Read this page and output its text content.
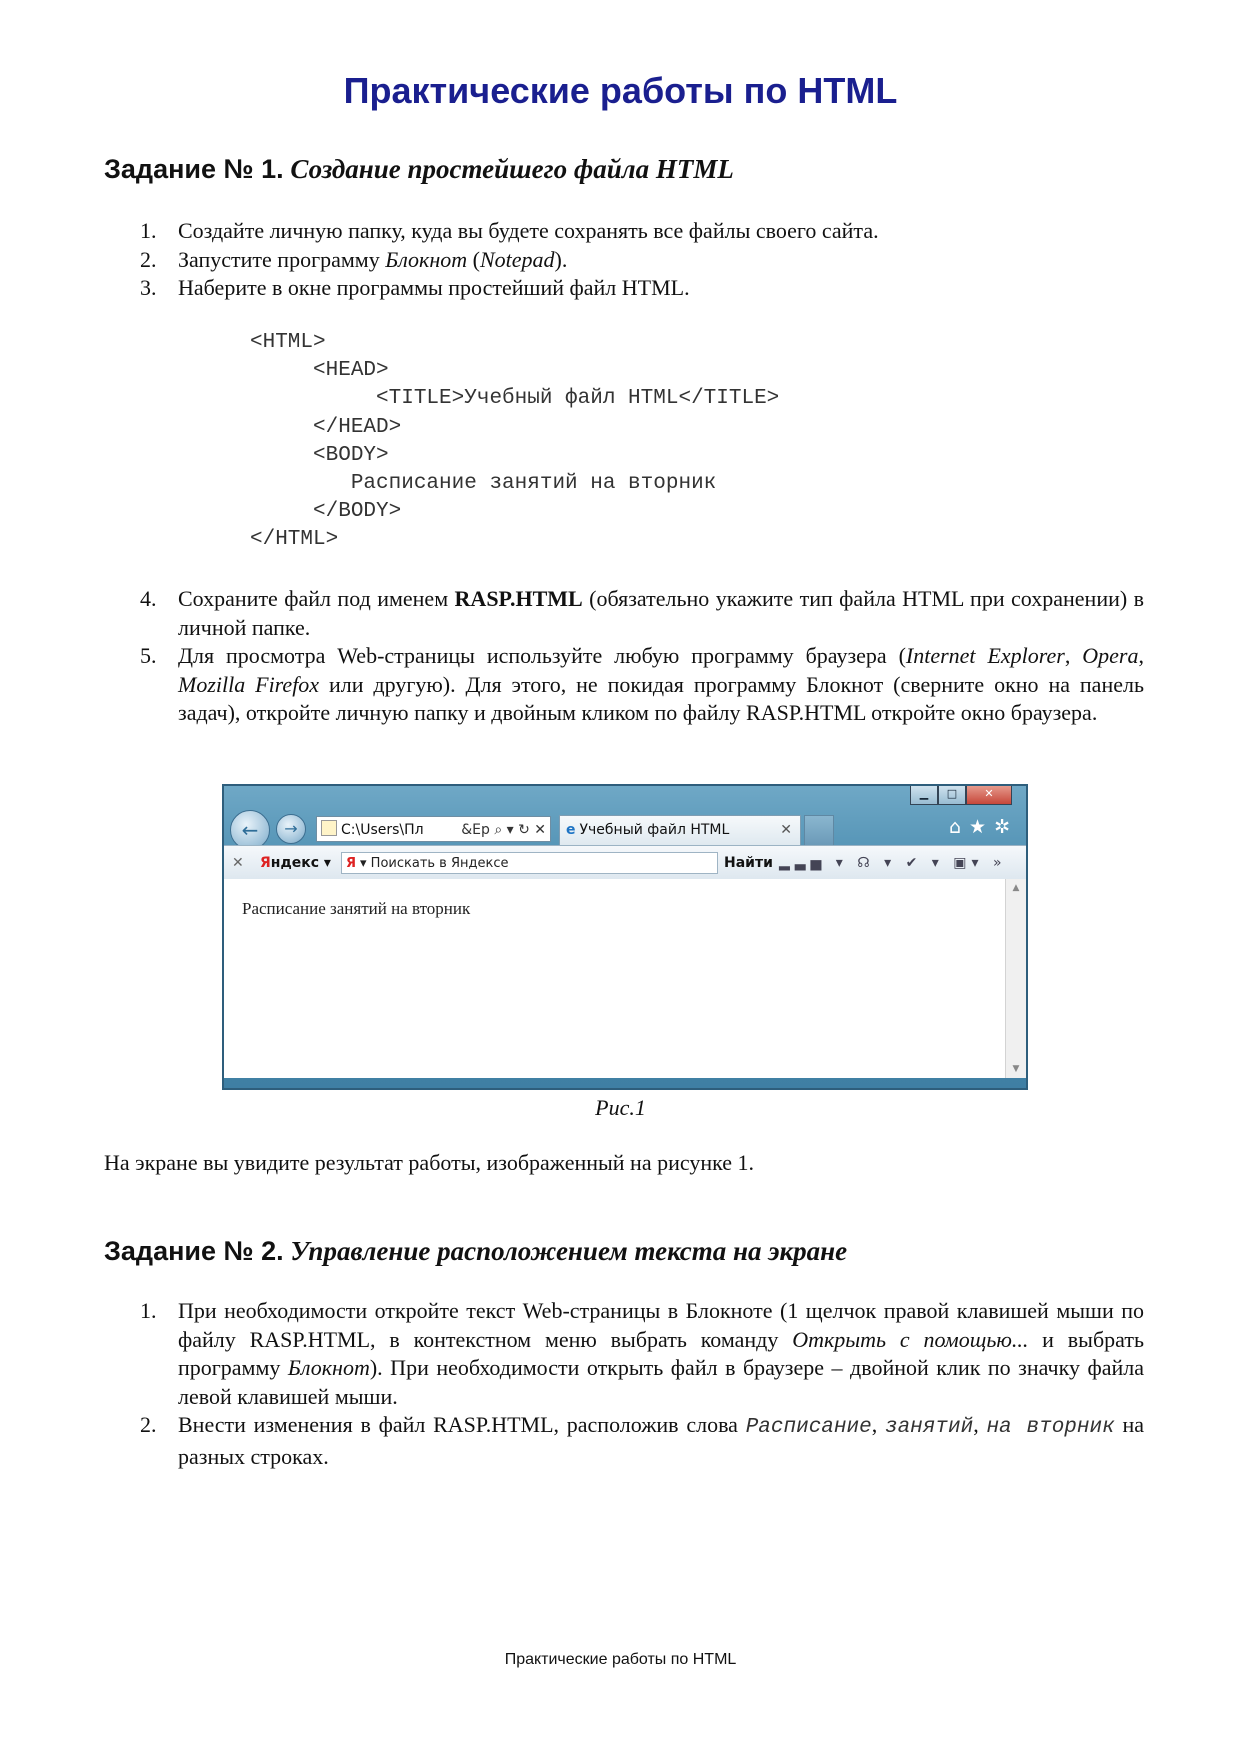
Практические работы по HTML
Задание № 1. Создание простейшего файла HTML
1. Создайте личную папку, куда вы будете сохранять все файлы своего сайта.
2. Запустите программу Блокнот (Notepad).
3. Наберите в окне программы простейший файл HTML.
<HTML>
<HEAD>
<TITLE>Учебный файл HTML</TITLE>
</HEAD>
<BODY>
Расписание занятий на вторник
</BODY>
</HTML>
4. Сохраните файл под именем RASP.HTML (обязательно укажите тип файла HTML при сохранении) в личной папке.
5. Для просмотра Web-страницы используйте любую программу браузера (Internet Explorer, Opera, Mozilla Firefox или другую). Для этого, не покидая программу Блокнот (сверните окно на панель задач), откройте личную папку и двойным кликом по файлу RASP.HTML откройте окно браузера.
▁	□	✕
←	→	C:\Users\Пл	&Ep ⌕ ▾ ↻ ✕	e Учебный файл HTML	✕	⌂★✲
✕ Яндекс ▾	Я ▾ Поискать в Яндексе	Найти ▂▃▅ ▾ ☊ ▾ ✔ ▾ ▣▾ »

Расписание занятий на вторник

▲
▼

Рис.1

На экране вы увидите результат работы, изображенный на рисунке 1.

Задание № 2. Управление расположением текста на экране
1. При необходимости откройте текст Web-страницы в Блокноте (1 щелчок правой клавишей мыши по файлу RASP.HTML, в контекстном меню выбрать команду Открыть с помощью... и выбрать программу Блокнот). При необходимости открыть файл в браузере – двойной клик по значку файла левой клавишей мыши.
2. Внести изменения в файл RASP.HTML, расположив слова Расписание, занятий, на вторник на разных строках.

Практические работы по HTML
